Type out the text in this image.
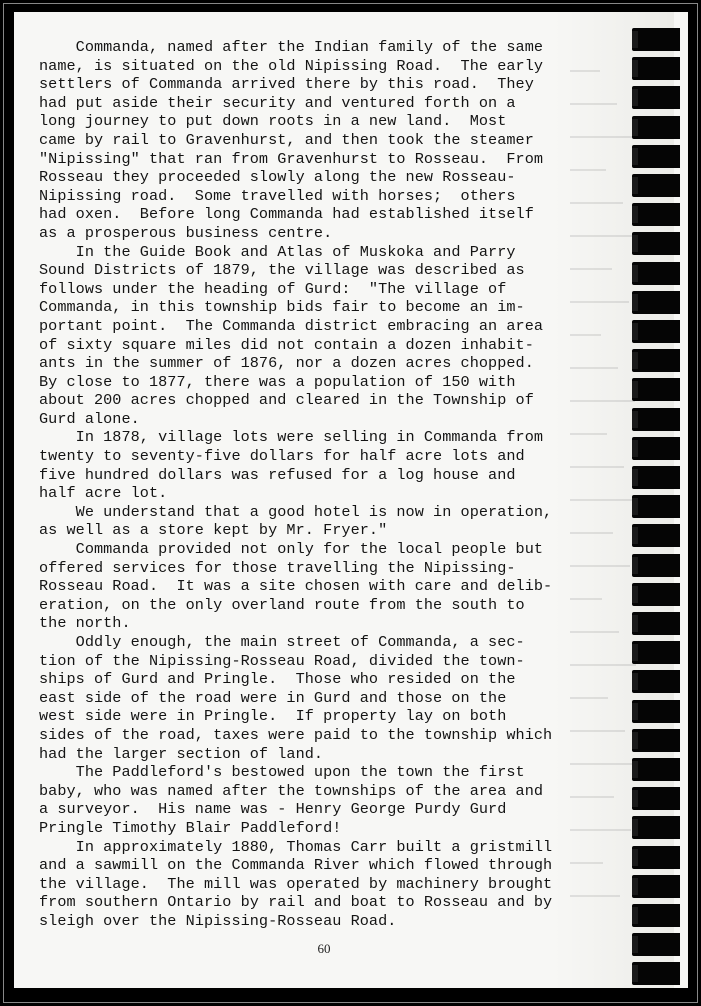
Commanda, named after the Indian family of the same
name, is situated on the old Nipissing Road.  The early
settlers of Commanda arrived there by this road.  They
had put aside their security and ventured forth on a
long journey to put down roots in a new land.  Most
came by rail to Gravenhurst, and then took the steamer
"Nipissing" that ran from Gravenhurst to Rosseau.  From
Rosseau they proceeded slowly along the new Rosseau-
Nipissing road.  Some travelled with horses;  others
had oxen.  Before long Commanda had established itself
as a prosperous business centre.
In the Guide Book and Atlas of Muskoka and Parry
Sound Districts of 1879, the village was described as
follows under the heading of Gurd:  "The village of
Commanda, in this township bids fair to become an im-
portant point.  The Commanda district embracing an area
of sixty square miles did not contain a dozen inhabit-
ants in the summer of 1876, nor a dozen acres chopped.
By close to 1877, there was a population of 150 with
about 200 acres chopped and cleared in the Township of
Gurd alone.
In 1878, village lots were selling in Commanda from
twenty to seventy-five dollars for half acre lots and
five hundred dollars was refused for a log house and
half acre lot.
We understand that a good hotel is now in operation,
as well as a store kept by Mr. Fryer."
Commanda provided not only for the local people but
offered services for those travelling the Nipissing-
Rosseau Road.  It was a site chosen with care and delib-
eration, on the only overland route from the south to
the north.
Oddly enough, the main street of Commanda, a sec-
tion of the Nipissing-Rosseau Road, divided the town-
ships of Gurd and Pringle.  Those who resided on the
east side of the road were in Gurd and those on the
west side were in Pringle.  If property lay on both
sides of the road, taxes were paid to the township which
had the larger section of land.
The Paddleford's bestowed upon the town the first
baby, who was named after the townships of the area and
a surveyor.  His name was - Henry George Purdy Gurd
Pringle Timothy Blair Paddleford!
In approximately 1880, Thomas Carr built a gristmill
and a sawmill on the Commanda River which flowed through
the village.  The mill was operated by machinery brought
from southern Ontario by rail and boat to Rosseau and by
sleigh over the Nipissing-Rosseau Road.
60
